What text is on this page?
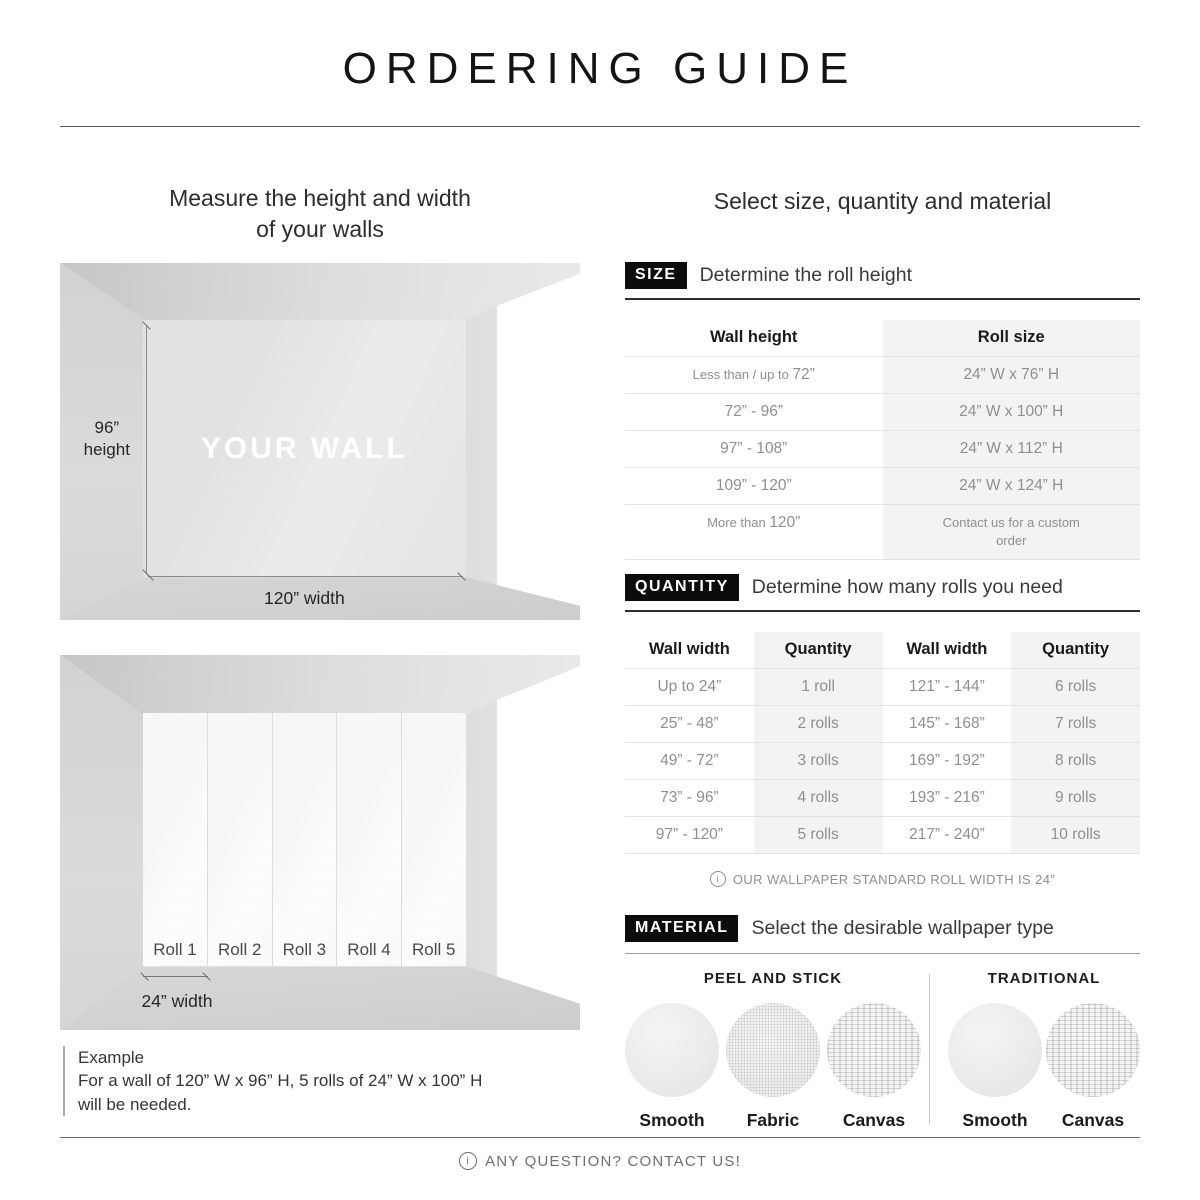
ORDERING GUIDE
Measure the height and width
of your walls
YOUR WALL
96”
height
120” width
Roll 1 Roll 2 Roll 3 Roll 4 Roll 5
24” width
Example
For a wall of 120” W x 96” H, 5 rolls of 24” W x 100” H
will be needed.
Select size, quantity and material
SIZE	Determine the roll height
Wall height	Roll size
Less than / up to 72”	24” W x 76” H
72” - 96”	24” W x 100” H
97” - 108”	24” W x 112” H
109” - 120”	24” W x 124” H
More than 120”	Contact us for a custom order
QUANTITY	Determine how many rolls you need
Wall width	Quantity	Wall width	Quantity
Up to 24”	1 roll	121” - 144”	6 rolls
25” - 48”	2 rolls	145” - 168”	7 rolls
49” - 72”	3 rolls	169” - 192”	8 rolls
73” - 96”	4 rolls	193” - 216”	9 rolls
97” - 120”	5 rolls	217” - 240”	10 rolls
i	OUR WALLPAPER STANDARD ROLL WIDTH IS 24”
MATERIAL	Select the desirable wallpaper type
PEEL AND STICK
Smooth	Fabric	Canvas
TRADITIONAL
Smooth	Canvas
i	ANY QUESTION? CONTACT US!
